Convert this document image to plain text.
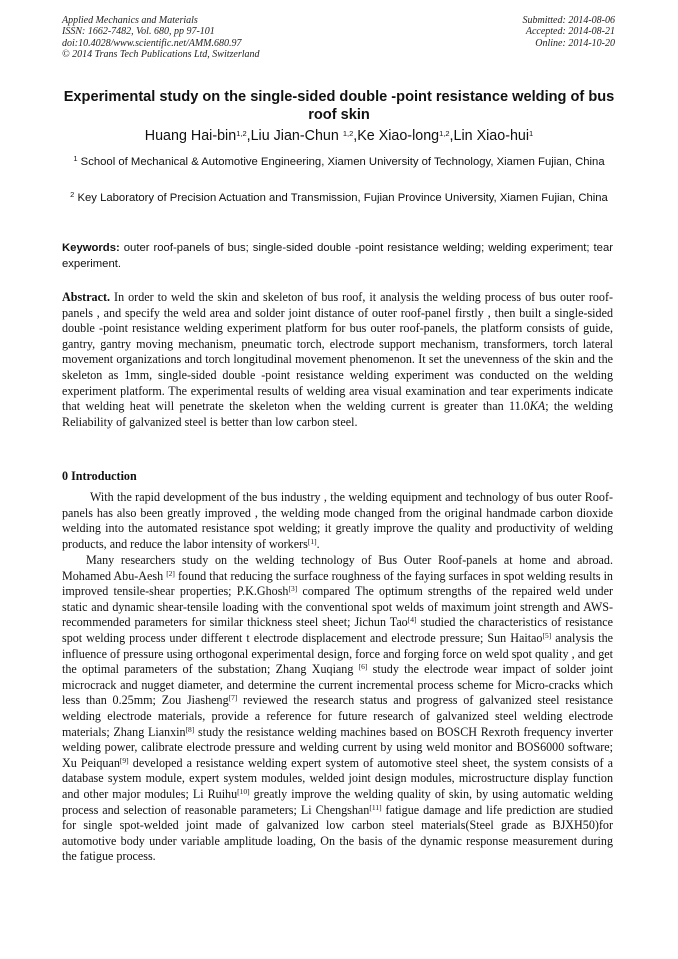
Applied Mechanics and Materials
ISSN: 1662-7482, Vol. 680, pp 97-101
doi:10.4028/www.scientific.net/AMM.680.97
© 2014 Trans Tech Publications Ltd, Switzerland
Submitted: 2014-08-06
Accepted: 2014-08-21
Online: 2014-10-20
Experimental study on the single-sided double -point resistance welding of bus roof skin
Huang Hai-bin$^{1,2}$,Liu Jian-Chun $^{1,2}$,Ke Xiao-long$^{1,2}$,Lin Xiao-hui$^1$
$^1$ School of Mechanical & Automotive Engineering, Xiamen University of Technology, Xiamen Fujian, China
$^2$ Key Laboratory of Precision Actuation and Transmission, Fujian Province University, Xiamen Fujian, China
Keywords: outer roof-panels of bus; single-sided double -point resistance welding; welding experiment; tear experiment.
Abstract. In order to weld the skin and skeleton of bus roof, it analysis the welding process of bus outer roof-panels , and specify the weld area and solder joint distance of outer roof-panel firstly , then built a single-sided double -point resistance welding experiment platform for bus outer roof-panels, the platform consists of guide, gantry, gantry moving mechanism, pneumatic torch, electrode support mechanism, transformers, torch lateral movement organizations and torch longitudinal movement phenomenon. It set the unevenness of the skin and the skeleton as 1mm, single-sided double -point resistance welding experiment was conducted on the welding experiment platform. The experimental results of welding area visual examination and tear experiments indicate that welding heat will penetrate the skeleton when the welding current is greater than 11.0KA; the welding Reliability of galvanized steel is better than low carbon steel.
0 Introduction
With the rapid development of the bus industry , the welding equipment and technology of bus outer Roof-panels has also been greatly improved , the welding mode changed from the original handmade carbon dioxide welding into the automated resistance spot welding; it greatly improve the quality and productivity of welding products, and reduce the labor intensity of workers[1].
Many researchers study on the welding technology of Bus Outer Roof-panels at home and abroad. Mohamed Abu-Aesh [2] found that reducing the surface roughness of the faying surfaces in spot welding results in improved tensile-shear properties; P.K.Ghosh[3] compared The optimum strengths of the repaired weld under static and dynamic shear-tensile loading with the conventional spot welds of maximum joint strength and AWS-recommended parameters for similar thickness steel sheet; Jichun Tao[4] studied the characteristics of resistance spot welding process under different t electrode displacement and electrode pressure; Sun Haitao[5] analysis the influence of pressure using orthogonal experimental design, force and forging force on weld spot quality , and get the optimal parameters of the substation; Zhang Xuqiang [6] study the electrode wear impact of solder joint microcrack and nugget diameter, and determine the current incremental process scheme for Micro-cracks which less than 0.25mm; Zou Jiasheng[7] reviewed the research status and progress of galvanized steel resistance welding electrode materials, provide a reference for future research of galvanized steel welding electrode materials; Zhang Lianxin[8] study the resistance welding machines based on BOSCH Rexroth frequency inverter welding power, calibrate electrode pressure and welding current by using weld monitor and BOS6000 software; Xu Peiquan[9] developed a resistance welding expert system of automotive steel sheet, the system consists of a database system module, expert system modules, welded joint design modules, microstructure display function and other major modules; Li Ruihu[10] greatly improve the welding quality of skin, by using automatic welding process and selection of reasonable parameters; Li Chengshan[11] fatigue damage and life prediction are studied for single spot-welded joint made of galvanized low carbon steel materials(Steel grade as BJXH50)for automotive body under variable amplitude loading, On the basis of the dynamic response measurement during the fatigue process.
